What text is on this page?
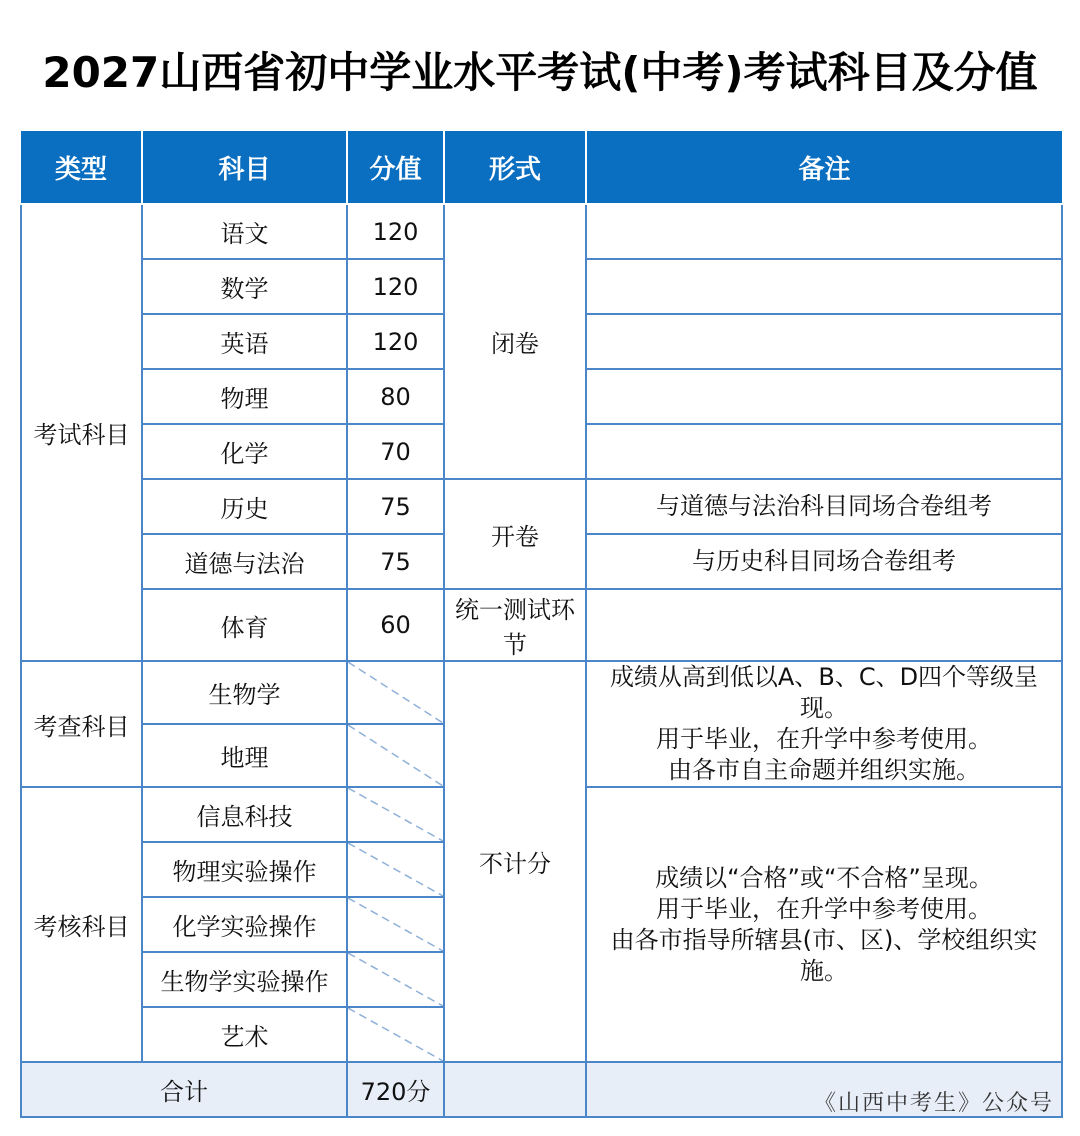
2027山西省初中学业水平考试(中考)考试科目及分值
类型	科目	分值	形式	备注
考试科目	语文	120	闭卷	
	数学	120		
	英语	120		
	物理	80		
	化学	70		
	历史	75	开卷	与道德与法治科目同场合卷组考
	道德与法治	75		与历史科目同场合卷组考
	体育	60	统一测试环节	
考查科目	生物学		不计分	成绩从高到低以A、B、C、D四个等级呈现。
用于毕业，在升学中参考使用。
由各市自主命题并组织实施。

	地理	

考核科目	信息科技			成绩以“合格”或“不合格”呈现。
用于毕业，在升学中参考使用。
由各市指导所辖县(市、区)、学校组织实施。

	物理实验操作	

	化学实验操作	

	生物学实验操作	

	艺术	

合计		720分			《山西中考生》公众号
